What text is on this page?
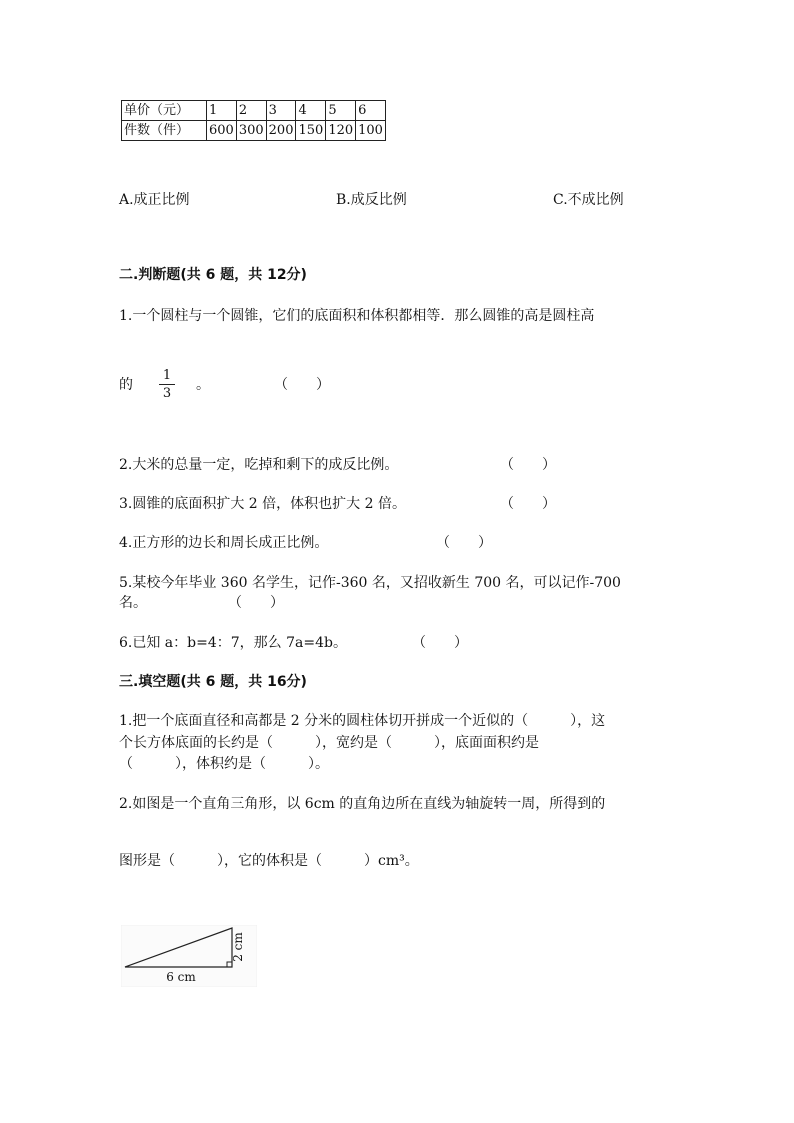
单价（元）	1	2	3	4	5	6
件数（件）	600	300	200	150	120	100
A.成正比例	B.成反比例	C.不成比例
二.判断题(共 6 题，共 12分)
1.一个圆柱与一个圆锥，它们的底面积和体积都相等．那么圆锥的高是圆柱高
的
1
3
。	（　　）
2.大米的总量一定，吃掉和剩下的成反比例。	（　　）
3.圆锥的底面积扩大 2 倍，体积也扩大 2 倍。	（　　）
4.正方形的边长和周长成正比例。	（　　）
5.某校今年毕业 360 名学生，记作-360 名，又招收新生 700 名，可以记作-700
名。	（　　）
6.已知 a：b=4：7，那么 7a=4b。	（　　）
三.填空题(共 6 题，共 16分)
1.把一个底面直径和高都是 2 分米的圆柱体切开拼成一个近似的（　　　），这
个长方体底面的长约是（　　　），宽约是（　　　），底面面积约是
（　　　），体积约是（　　　）。
2.如图是一个直角三角形，以 6cm 的直角边所在直线为轴旋转一周，所得到的
图形是（　　　），它的体积是（　　　）cm³。
6 cm
2 cm
